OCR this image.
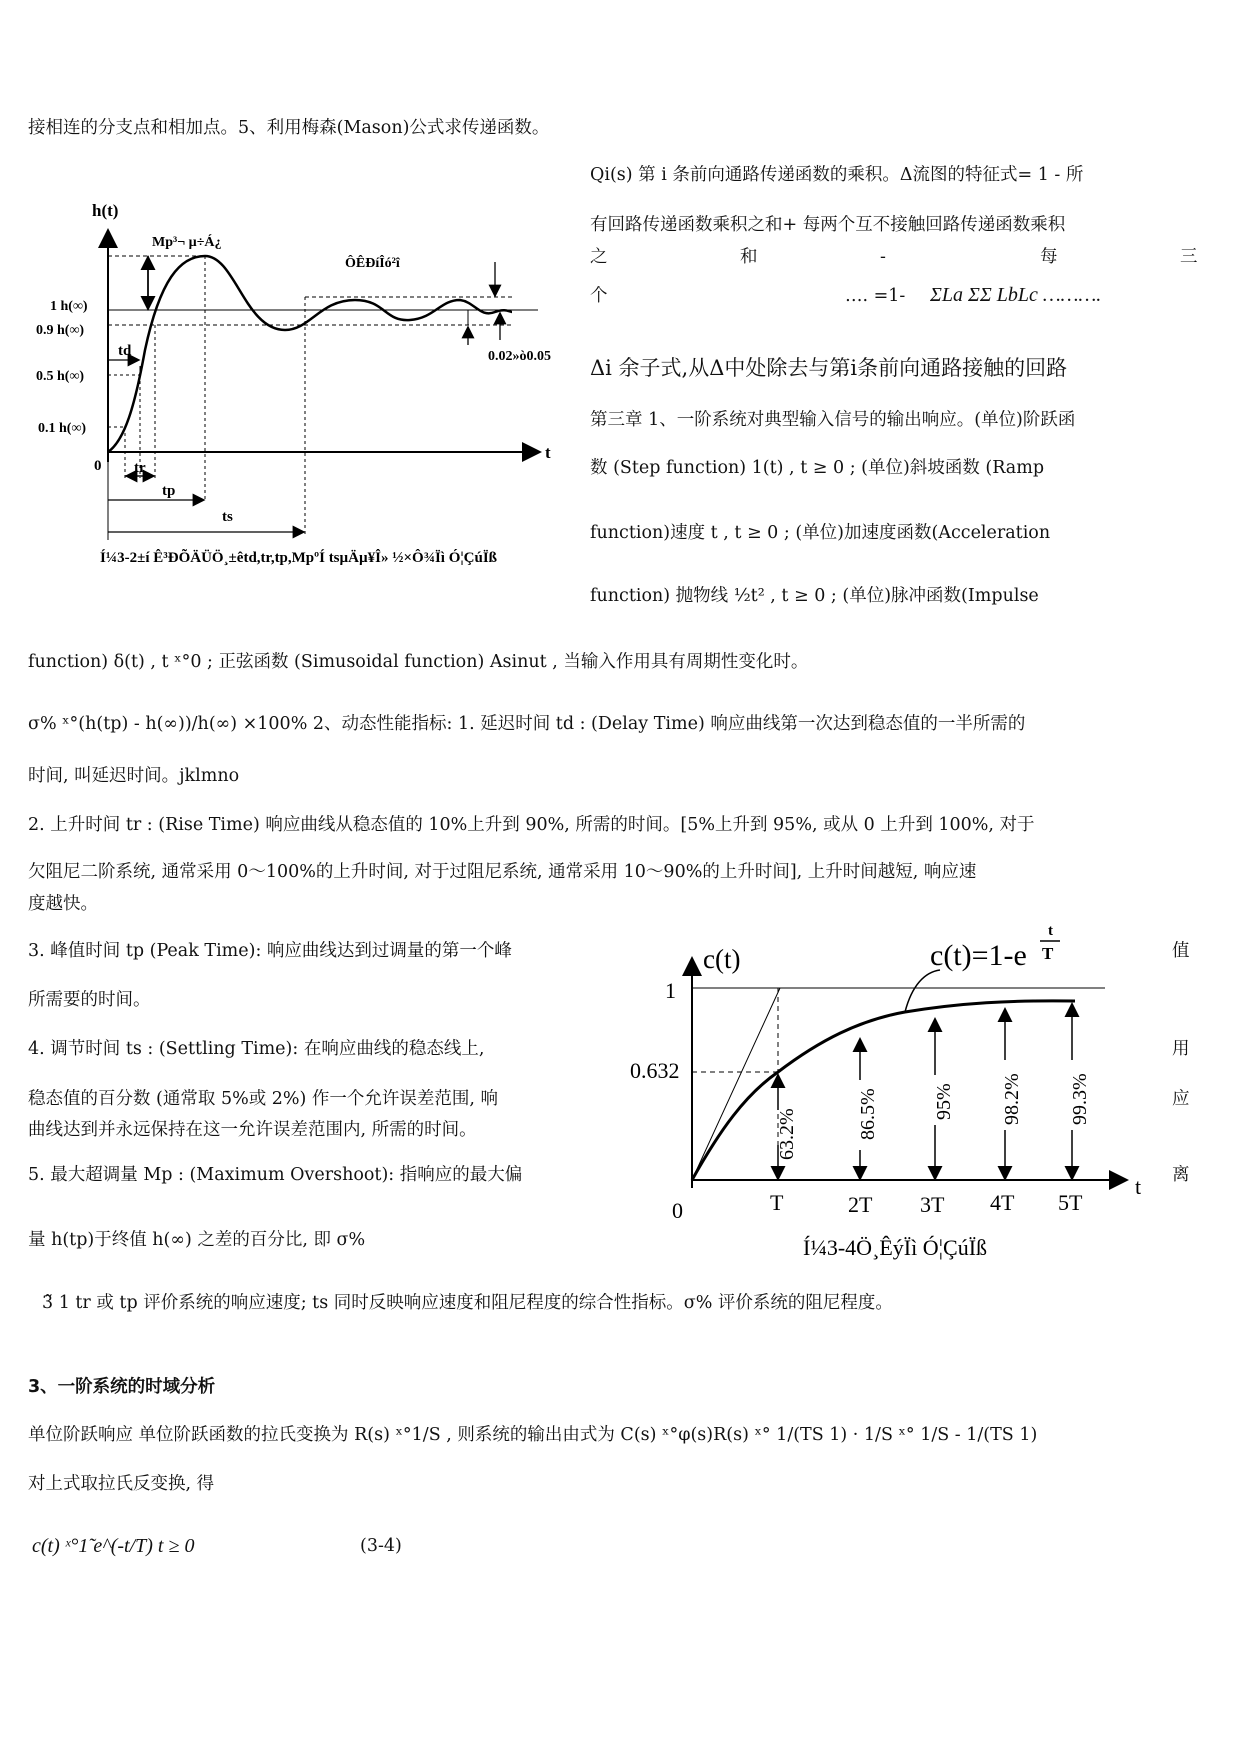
接相连的分支点和相加点。5、利用梅森(Mason)公式求传递函数。
Qi(s) 第 i 条前向通路传递函数的乘积。Δ流图的特征式= 1 - 所
有回路传递函数乘积之和+ 每两个互不接触回路传递函数乘积
之	和	-	每	三
个	…. =1- ΣLa ΣΣ LbLc ……….
Δi 余子式,从Δ中处除去与第i条前向通路接触的回路
第三章 1、一阶系统对典型输入信号的输出响应。(单位)阶跃函
数 (Step function) 1(t) , t ≥ 0 ; (单位)斜坡函数 (Ramp
function)速度 t , t ≥ 0 ; (单位)加速度函数(Acceleration
function) 抛物线 ½t² , t ≥ 0 ; (单位)脉冲函数(Impulse
function) δ(t) , t ˣ°0 ; 正弦函数 (Simusoidal function) Asinut , 当输入作用具有周期性变化时。
σ% ˣ°(h(tp) - h(∞))/h(∞) ×100% 2、动态性能指标: 1. 延迟时间 td : (Delay Time) 响应曲线第一次达到稳态值的一半所需的
时间, 叫延迟时间。jklmno
2. 上升时间 tr : (Rise Time) 响应曲线从稳态值的 10%上升到 90%, 所需的时间。[5%上升到 95%, 或从 0 上升到 100%, 对于
欠阻尼二阶系统, 通常采用 0～100%的上升时间, 对于过阻尼系统, 通常采用 10～90%的上升时间], 上升时间越短, 响应速
度越快。
3. 峰值时间 tp (Peak Time): 响应曲线达到过调量的第一个峰	值
所需要的时间。
4. 调节时间 ts : (Settling Time): 在响应曲线的稳态线上,	用
稳态值的百分数 (通常取 5%或 2%) 作一个允许误差范围, 响	应
曲线达到并永远保持在这一允许误差范围内, 所需的时间。
5. 最大超调量 Mp : (Maximum Overshoot): 指响应的最大偏	离
量 h(tp)于终值 h(∞) 之差的百分比, 即 σ%
3̃ 1 tr 或 tp 评价系统的响应速度; ts 同时反映响应速度和阻尼程度的综合性指标。σ% 评价系统的阻尼程度。
3、一阶系统的时域分析
单位阶跃响应 单位阶跃函数的拉氏变换为 R(s) ˣ°1/S , 则系统的输出由式为 C(s) ˣ°φ(s)R(s) ˣ° 1/(TS 1) · 1/S ˣ° 1/S - 1/(TS 1)
对上式取拉氏反变换, 得
c(t) ˣ°1̃ e^(-t/T) t ≥ 0	(3-4)
h(t)
t
0
1 h(∞)
0.9 h(∞)
0.5 h(∞)
0.1 h(∞)
td
tr
tp
ts
Mp³¬ µ÷Á¿
ÔÊÐíÎó²î
0.02»ò0.05
Í¼3-2±í Ê³ÐÕÄÜÖ¸±êtd,tr,tp,MpºÍ tsµÄµ¥Î» ½×Ô¾Ïì Ó¦ÇúÏß
c(t)
t
0
c(t)=1-e
t
T
1
0.632
T	2T 3T 4T 5T
63.2%	86.5%	95% 98.2% 99.3%
Í¼3-4Ö¸ÊýÏì Ó¦ÇúÏß
